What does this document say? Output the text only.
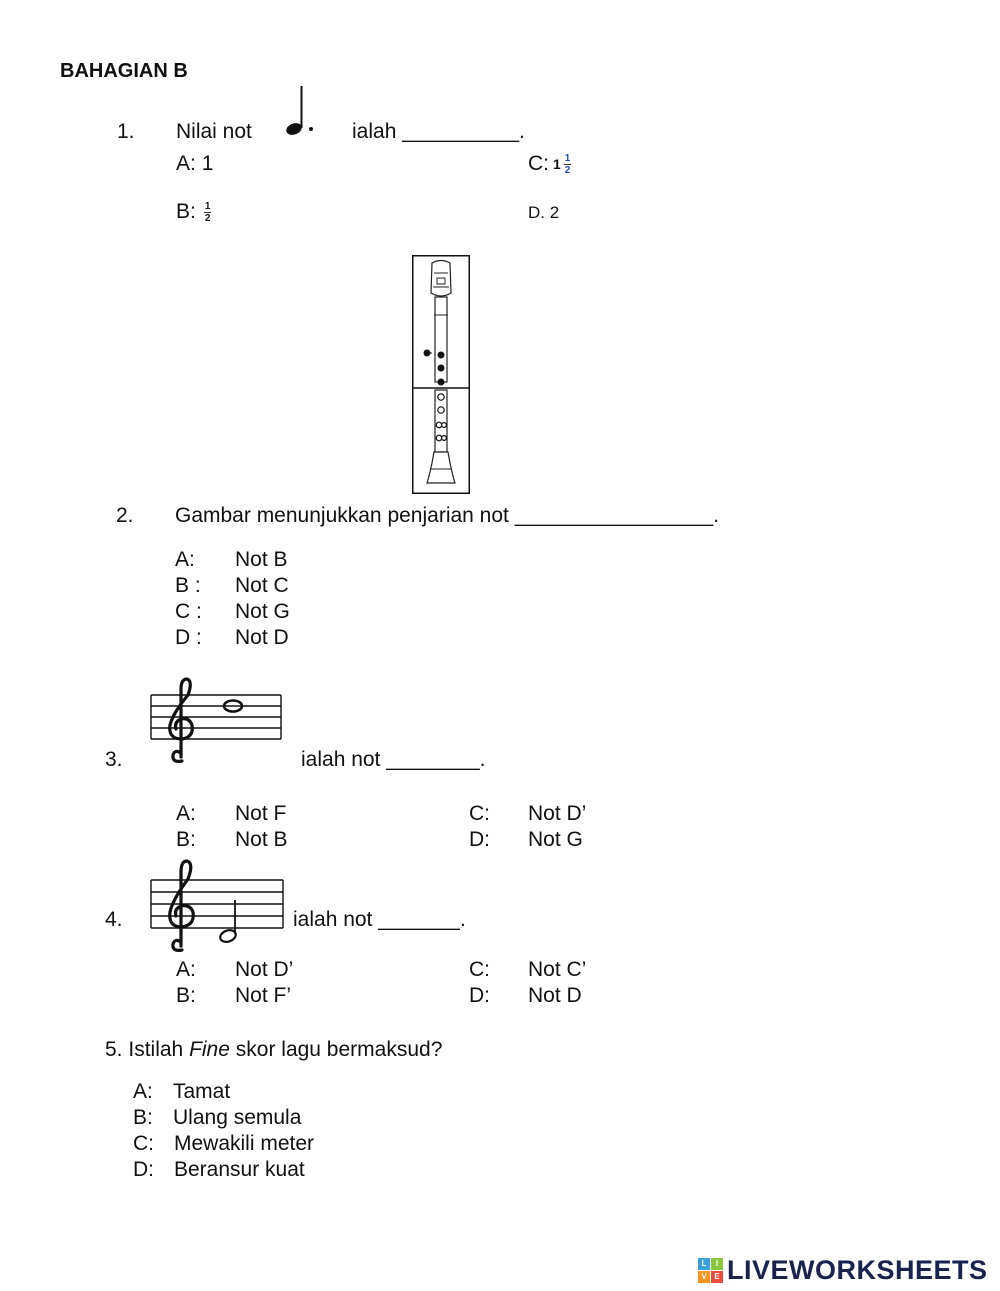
BAHAGIAN B
1. Nilai not	ialah __________.
A: 1	C: $1 \frac{1}{2}$
B: $\frac{1}{2}$	D. 2
2. Gambar menunjukkan penjarian not _________________.
A: Not B
B : Not C
C : Not G
D : Not D
3.	ialah not ________.
A: Not F
B: Not B
C: Not D’
D: Not G
4.	ialah not _______.
A: Not D’
B: Not F’
C: Not C’
D: Not D
5. Istilah Fine skor lagu bermaksud?
A: Tamat
B: Ulang semula
C: Mewakili meter
D: Beransur kuat
L	I
V E LIVEWORKSHEETS
